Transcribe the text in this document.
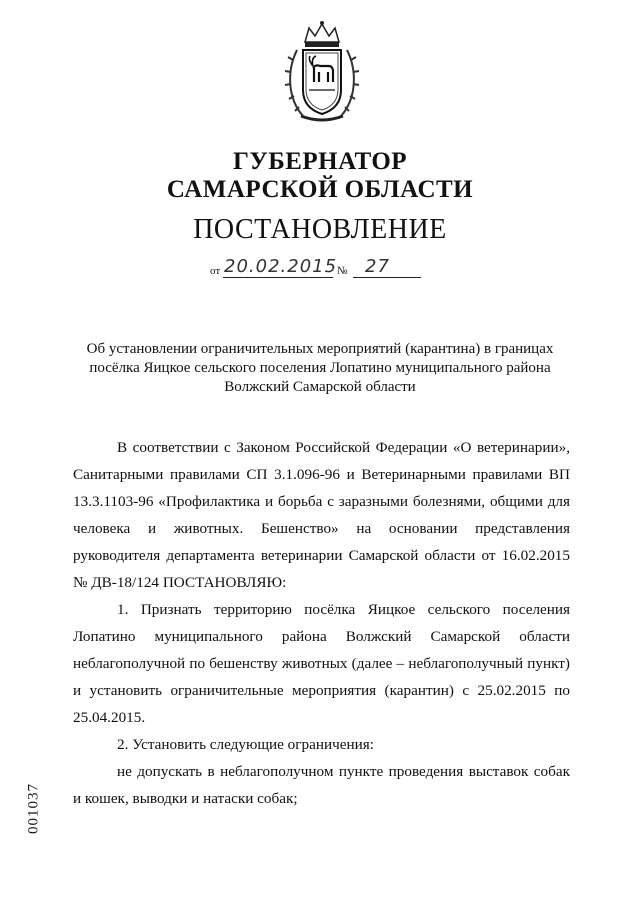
ГУБЕРНАТОР
САМАРСКОЙ ОБЛАСТИ
ПОСТАНОВЛЕНИЕ
от 20.02.2015 № 27
Об установлении ограничительных мероприятий (карантина) в границах посёлка Яицкое сельского поселения Лопатино муниципального района Волжский Самарской области

В соответствии с Законом Российской Федерации «О ветеринарии», Санитарными правилами СП 3.1.096-96 и Ветеринарными правилами ВП 13.3.1103-96 «Профилактика и борьба с заразными болезнями, общими для человека и животных. Бешенство» на основании представления руководителя департамента ветеринарии Самарской области от 16.02.2015 № ДВ-18/124 ПОСТАНОВЛЯЮ:

1. Признать территорию посёлка Яицкое сельского поселения Лопатино муниципального района Волжский Самарской области неблагополучной по бешенству животных (далее – неблагополучный пункт) и установить ограничительные мероприятия (карантин) с 25.02.2015 по 25.04.2015.

2. Установить следующие ограничения:

не допускать в неблагополучном пункте проведения выставок собак и кошек, выводки и натаски собак;

001037
